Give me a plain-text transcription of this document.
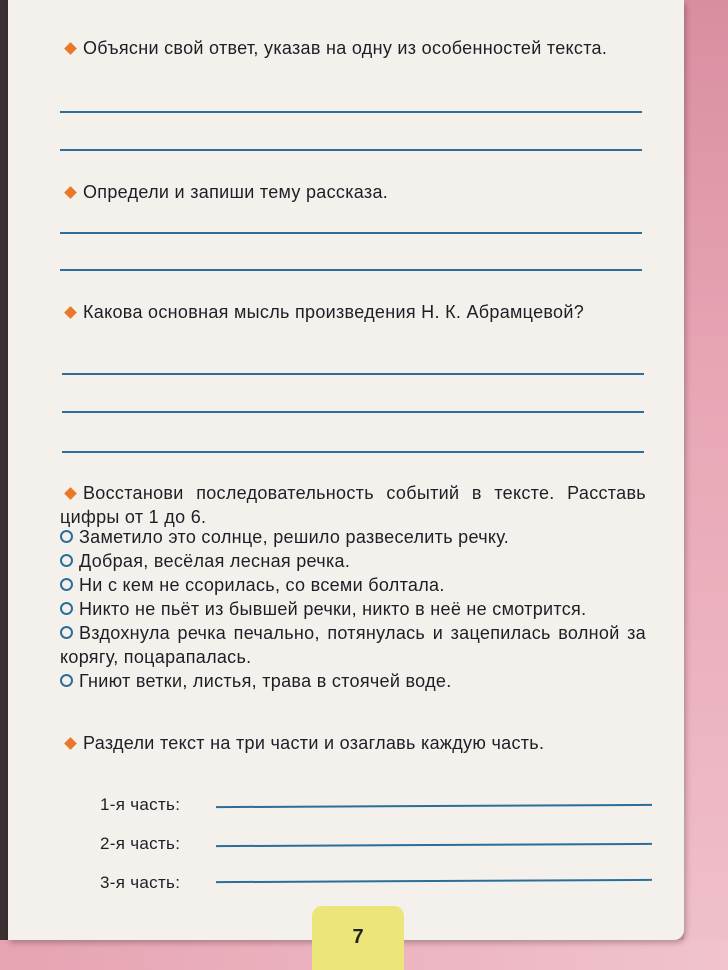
Объясни свой ответ, указав на одну из особенностей текста.
Определи и запиши тему рассказа.
Какова основная мысль произведения Н. К. Абрамцевой?
Восстанови последовательность событий в тексте. Расставь цифры от 1 до 6.
Заметило это солнце, решило развеселить речку.
Добрая, весёлая лесная речка.
Ни с кем не ссорилась, со всеми болтала.
Никто не пьёт из бывшей речки, никто в неё не смотрится.
Вздохнула речка печально, потянулась и зацепилась волной за корягу, поцарапалась.
Гниют ветки, листья, трава в стоячей воде.
Раздели текст на три части и озаглавь каждую часть.
1-я часть:
2-я часть:
3-я часть:
7
